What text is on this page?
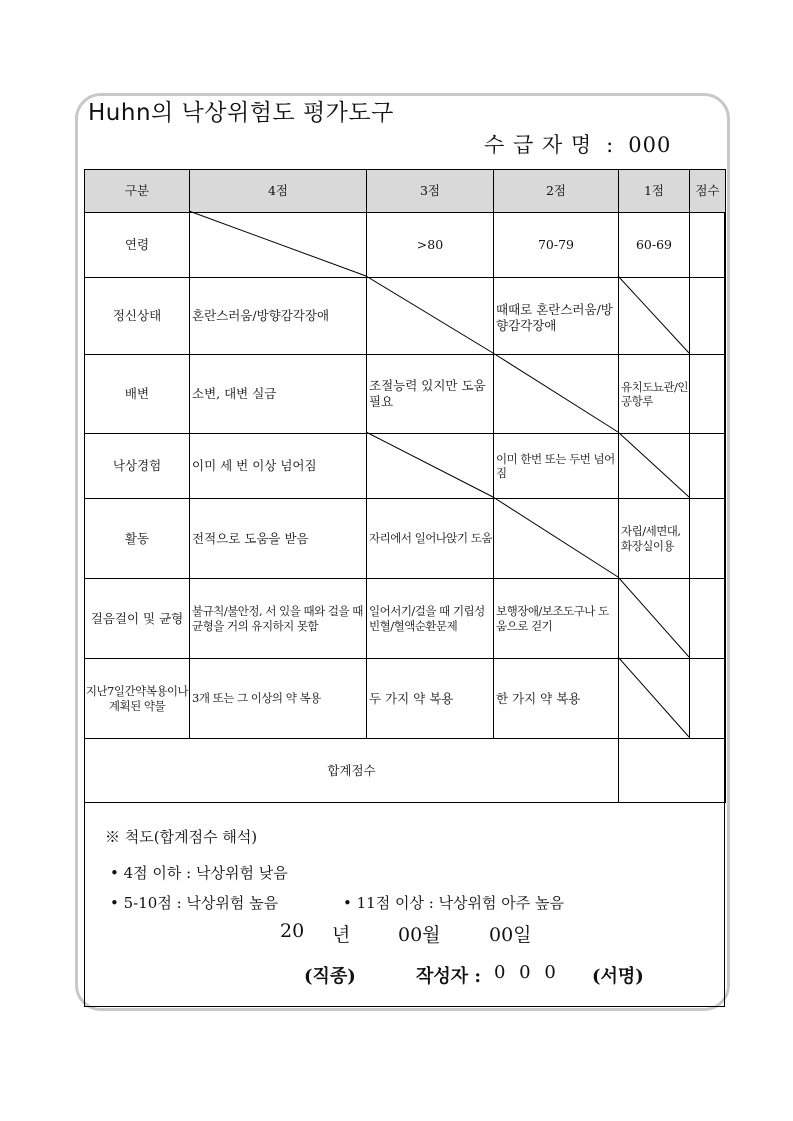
Huhn의 낙상위험도 평가도구
수 급 자 명 : 000
구분	4점	3점	2점	1점	점수
연령		>80	70-79	60-69	
정신상태	혼란스러움/방향감각장애		때때로 혼란스러움/방향감각장애		
배변	소변, 대변 실금	조절능력 있지만 도움필요		유치도뇨관/인공항루	
낙상경험	이미 세 번 이상 넘어짐		이미 한번 또는 두번 넘어짐		
활동	전적으로 도움을 받음	자리에서 일어나앉기 도움		자립/세면대, 화장실이용	
걸음걸이 및 균형	불규칙/불안정, 서 있을 때와 걸을 때 균형을 거의 유지하지 못함	일어서기/걸을 때 기립성 빈혈/혈액순환문제	보행장애/보조도구나 도움으로 걷기		
지난7일간약복용이나 계획된 약물	3개 또는 그 이상의 약 복용	두 가지 약 복용	한 가지 약 복용		
합계점수					
※ 척도(합계점수 해석)
• 4점 이하 : 낙상위험 낮음
• 5-10점 : 낙상위험 높음	• 11점 이상 : 낙상위험 아주 높음
20 년	00월	00일
(직종)	작성자 : 0 0 0 (서명)
